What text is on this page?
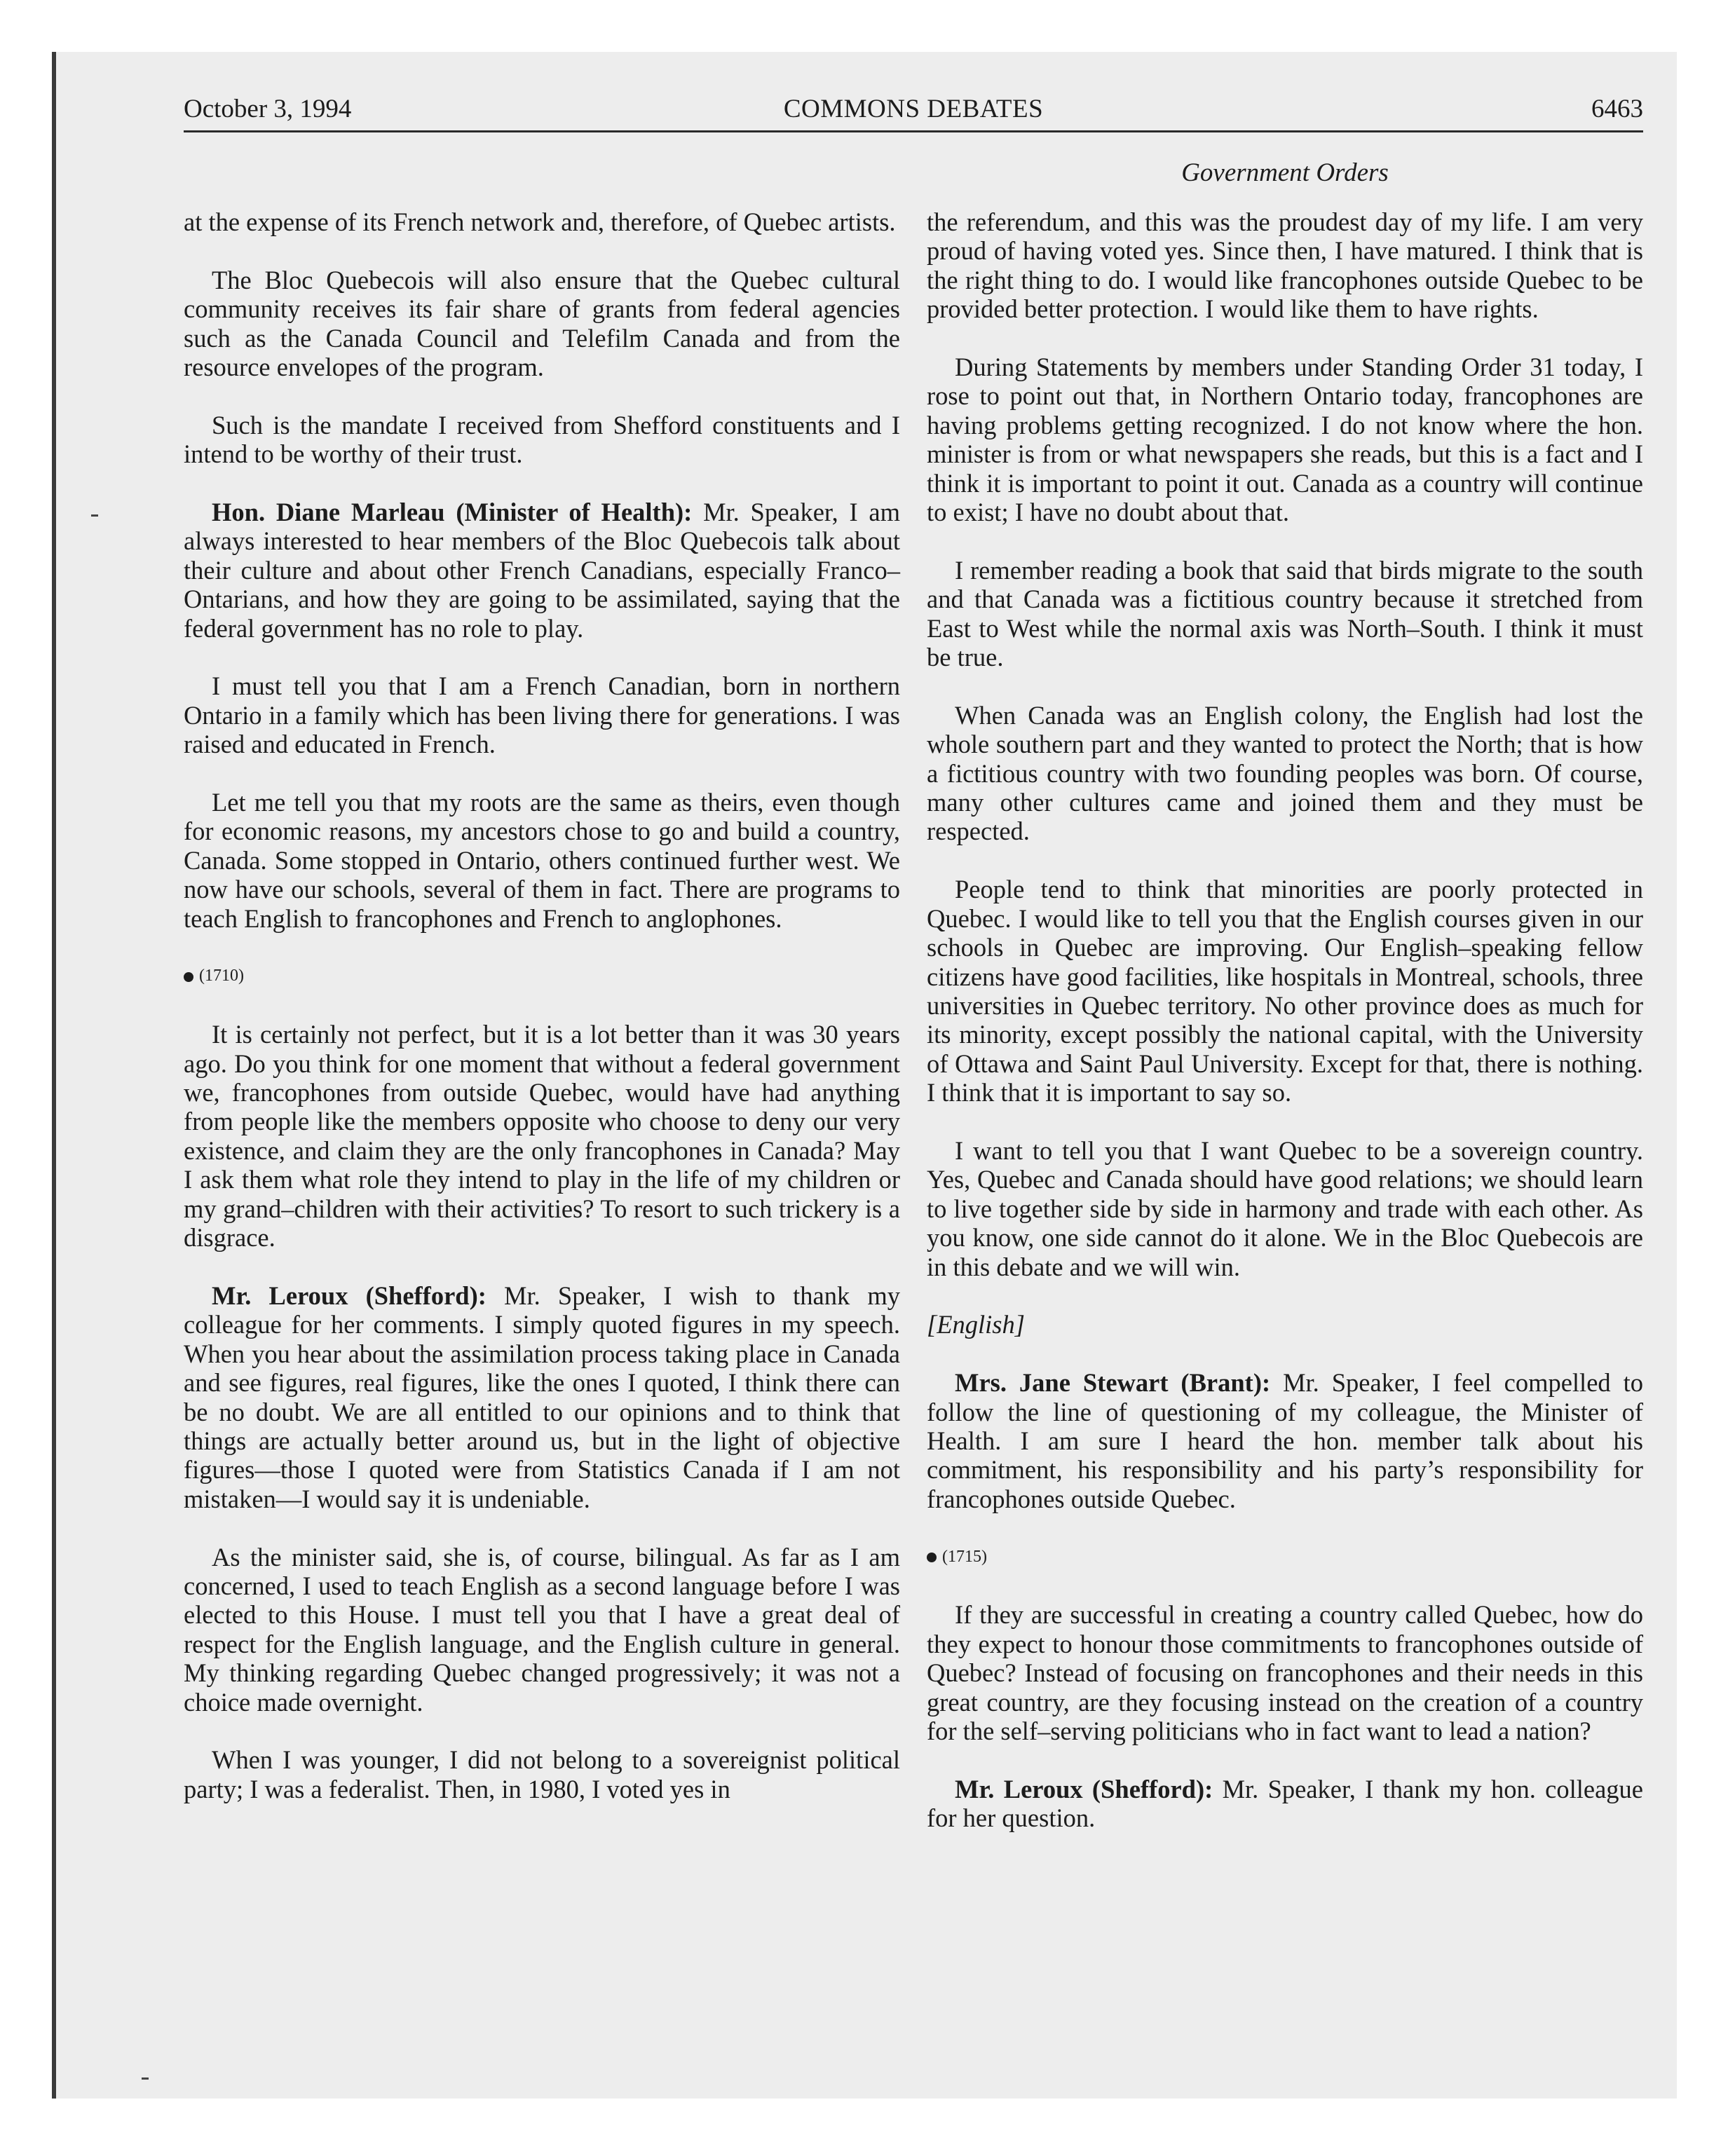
October 3, 1994	COMMONS DEBATES	6463
Government Orders

at the expense of its French network and, therefore, of Quebec artists.

The Bloc Quebecois will also ensure that the Quebec cultural community receives its fair share of grants from federal agencies such as the Canada Council and Telefilm Canada and from the resource envelopes of the program.

Such is the mandate I received from Shefford constituents and I intend to be worthy of their trust.

Hon. Diane Marleau (Minister of Health): Mr. Speaker, I am always interested to hear members of the Bloc Quebecois talk about their culture and about other French Canadians, especially Franco–Ontarians, and how they are going to be assimilated, saying that the federal government has no role to play.

I must tell you that I am a French Canadian, born in northern Ontario in a family which has been living there for generations. I was raised and educated in French.

Let me tell you that my roots are the same as theirs, even though for economic reasons, my ancestors chose to go and build a country, Canada. Some stopped in Ontario, others continued further west. We now have our schools, several of them in fact. There are programs to teach English to francophones and French to anglophones.

(1710)

It is certainly not perfect, but it is a lot better than it was 30 years ago. Do you think for one moment that without a federal government we, francophones from outside Quebec, would have had anything from people like the members opposite who choose to deny our very existence, and claim they are the only francophones in Canada? May I ask them what role they intend to play in the life of my children or my grand–children with their activities? To resort to such trickery is a disgrace.

Mr. Leroux (Shefford): Mr. Speaker, I wish to thank my colleague for her comments. I simply quoted figures in my speech. When you hear about the assimilation process taking place in Canada and see figures, real figures, like the ones I quoted, I think there can be no doubt. We are all entitled to our opinions and to think that things are actually better around us, but in the light of objective figures—those I quoted were from Statistics Canada if I am not mistaken—I would say it is undeniable.

As the minister said, she is, of course, bilingual. As far as I am concerned, I used to teach English as a second language before I was elected to this House. I must tell you that I have a great deal of respect for the English language, and the English culture in general. My thinking regarding Quebec changed progressively; it was not a choice made overnight.

When I was younger, I did not belong to a sovereignist political party; I was a federalist. Then, in 1980, I voted yes in

the referendum, and this was the proudest day of my life. I am very proud of having voted yes. Since then, I have matured. I think that is the right thing to do. I would like francophones outside Quebec to be provided better protection. I would like them to have rights.

During Statements by members under Standing Order 31 today, I rose to point out that, in Northern Ontario today, francophones are having problems getting recognized. I do not know where the hon. minister is from or what newspapers she reads, but this is a fact and I think it is important to point it out. Canada as a country will continue to exist; I have no doubt about that.

I remember reading a book that said that birds migrate to the south and that Canada was a fictitious country because it stretched from East to West while the normal axis was North–South. I think it must be true.

When Canada was an English colony, the English had lost the whole southern part and they wanted to protect the North; that is how a fictitious country with two founding peoples was born. Of course, many other cultures came and joined them and they must be respected.

People tend to think that minorities are poorly protected in Quebec. I would like to tell you that the English courses given in our schools in Quebec are improving. Our English–speaking fellow citizens have good facilities, like hospitals in Montreal, schools, three universities in Quebec territory. No other province does as much for its minority, except possibly the national capital, with the University of Ottawa and Saint Paul University. Except for that, there is nothing. I think that it is important to say so.

I want to tell you that I want Quebec to be a sovereign country. Yes, Quebec and Canada should have good relations; we should learn to live together side by side in harmony and trade with each other. As you know, one side cannot do it alone. We in the Bloc Quebecois are in this debate and we will win.

[English]

Mrs. Jane Stewart (Brant): Mr. Speaker, I feel compelled to follow the line of questioning of my colleague, the Minister of Health. I am sure I heard the hon. member talk about his commitment, his responsibility and his party’s responsibility for francophones outside Quebec.

(1715)

If they are successful in creating a country called Quebec, how do they expect to honour those commitments to francophones outside of Quebec? Instead of focusing on francophones and their needs in this great country, are they focusing instead on the creation of a country for the self–serving politicians who in fact want to lead a nation?

Mr. Leroux (Shefford): Mr. Speaker, I thank my hon. colleague for her question.
